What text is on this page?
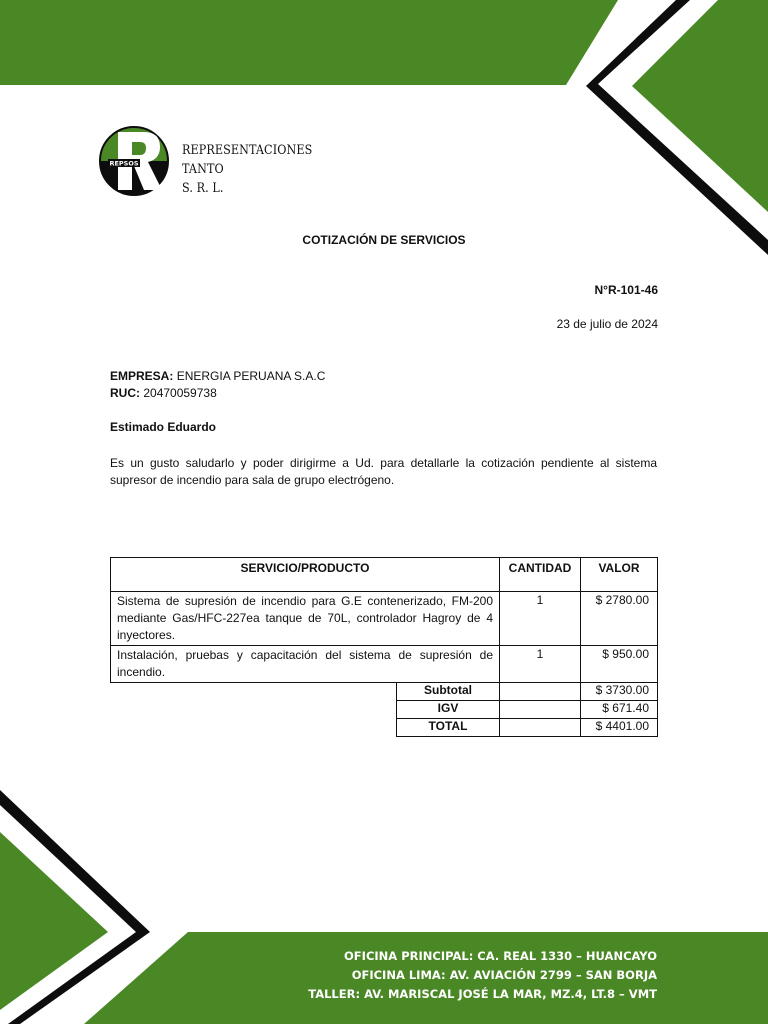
REPSOS
REPRESENTACIONES TANTO
S. R. L.
COTIZACIÓN DE SERVICIOS
N°R-101-46
23 de julio de 2024
EMPRESA: ENERGIA PERUANA S.A.C
RUC: 20470059738
Estimado Eduardo
Es un gusto saludarlo y poder dirigirme a Ud. para detallarle la cotización pendiente al sistema supresor de incendio para sala de grupo electrógeno.
SERVICIO/PRODUCTO	CANTIDAD	VALOR
Sistema de supresión de incendio para G.E contenerizado, FM-200 mediante Gas/HFC-227ea tanque de 70L, controlador Hagroy de 4 inyectores.	1	$ 2780.00
Instalación, pruebas y capacitación del sistema de supresión de incendio.	1	$ 950.00

Subtotal		$ 3730.00

IGV		$ 671.40

TOTAL		$ 4401.00
OFICINA PRINCIPAL: CA. REAL 1330 – HUANCAYO
OFICINA LIMA: AV. AVIACIÓN 2799 – SAN BORJA
TALLER: AV. MARISCAL JOSÉ LA MAR, MZ.4, LT.8 – VMT
